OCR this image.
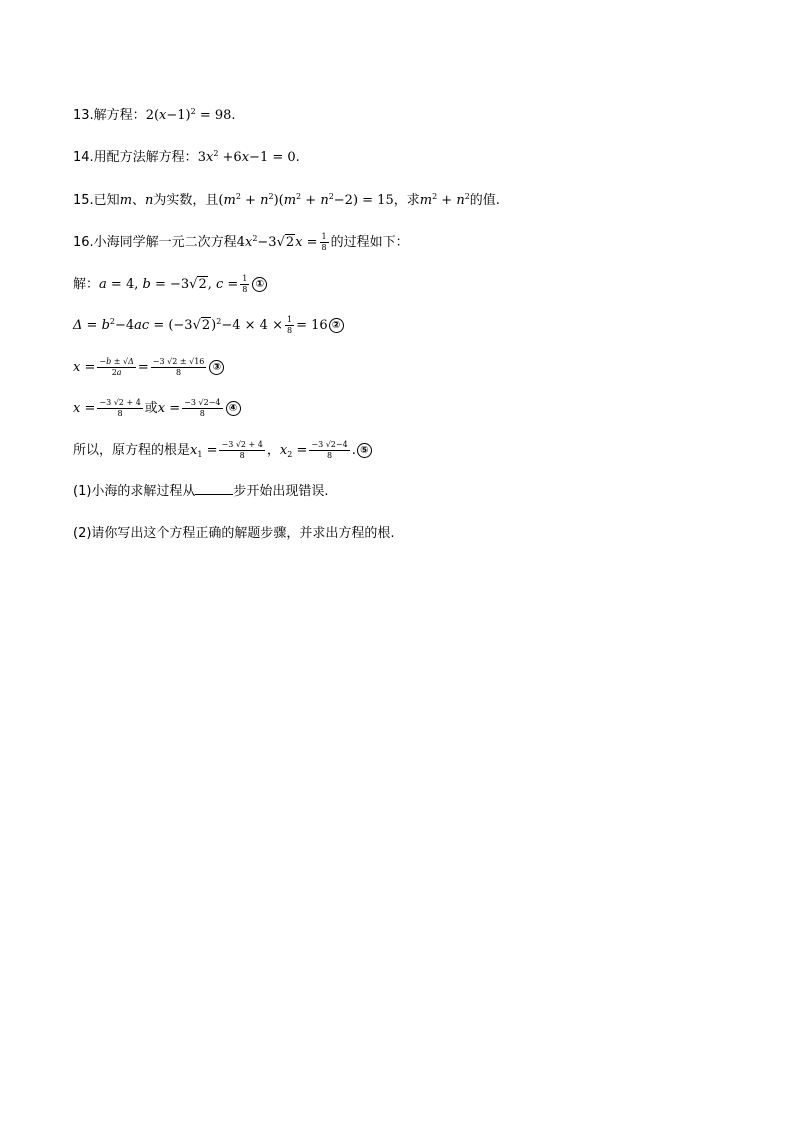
13.解方程：$2(x-1)^2 = 98$.
14.用配方法解方程：$3x^2 +6x-1 = 0$.
15.已知m、n为实数，且$(m^2 + n^2)(m^2 + n^2-2) = 15$，求$m^2 + n^2$的值.
16.小海同学解一元二次方程$4x^2-3√2x = \frac{1}{8}$ 的过程如下：
解：a = 4, b = −3√2, $c = \frac{1}{8}$ ①
$\Delta = b^2-4ac = (-3√2)^2-4 \times 4 \times \frac{1}{8} = 16$ ②
$x = \frac{-b \pm √\Delta}{2a} = \frac{-3 √2 \pm √16}{8}$ ③
$x = \frac{-3 √2 + 4}{8}$ 或$x = \frac{-3 √2-4}{8}$ ④
所以，原方程的根是$x_1 = \frac{-3 √2 + 4}{8}$ ，$x_2 = \frac{-3 √2-4}{8}$ . ⑤
(1)小海的求解过程从	步开始出现错误.
(2)请你写出这个方程正确的解题步骤，并求出方程的根.
